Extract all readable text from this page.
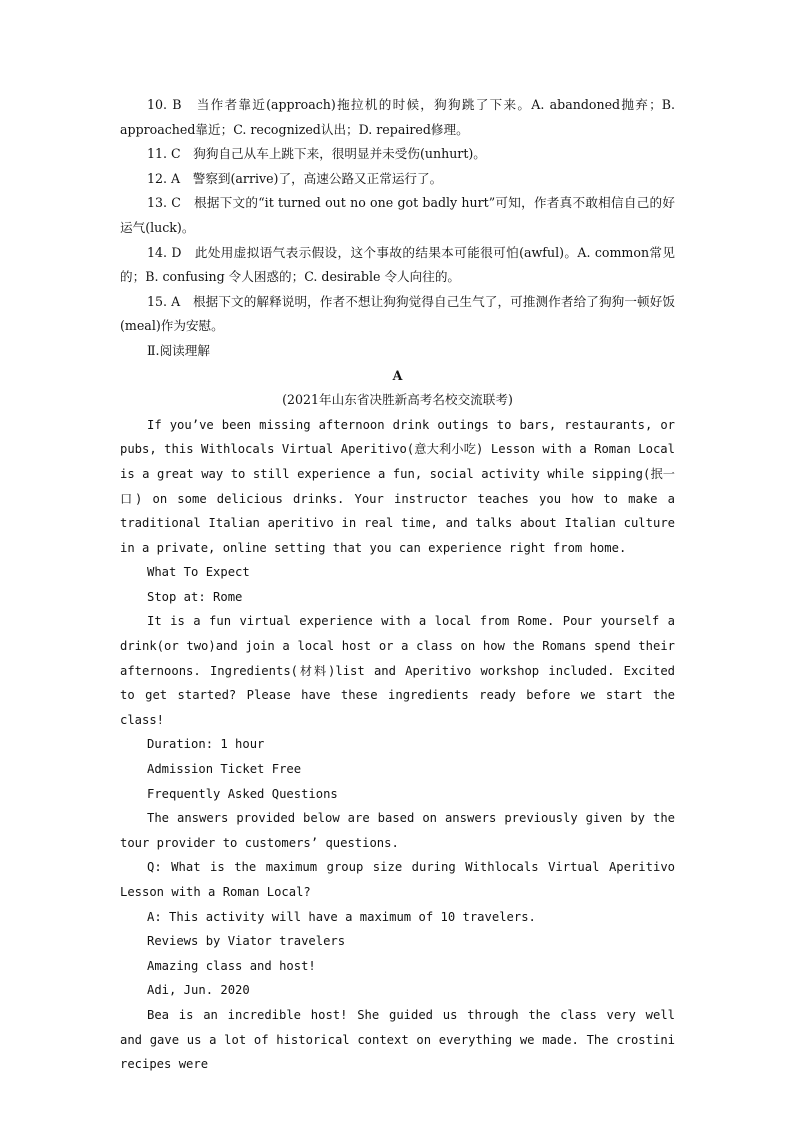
10. B　当作者靠近(approach)拖拉机的时候，狗狗跳了下来。A. abandoned抛弃；B. approached靠近；C. recognized认出；D. repaired修理。

11. C　狗狗自己从车上跳下来，很明显并未受伤(unhurt)。

12. A　警察到(arrive)了，高速公路又正常运行了。

13. C　根据下文的“it turned out no one got badly hurt”可知，作者真不敢相信自己的好运气(luck)。

14. D　此处用虚拟语气表示假设，这个事故的结果本可能很可怕(awful)。A. common常见的；B. confusing 令人困惑的；C. desirable 令人向往的。

15. A　根据下文的解释说明，作者不想让狗狗觉得自己生气了，可推测作者给了狗狗一顿好饭(meal)作为安慰。

Ⅱ.阅读理解

A

(2021年山东省决胜新高考名校交流联考)

If you’ve been missing afternoon drink outings to bars, restaurants, or pubs, this Withlocals Virtual Aperitivo(意大利小吃) Lesson with a Roman Local is a great way to still experience a fun, social activity while sipping(抿一口) on some delicious drinks. Your instructor teaches you how to make a traditional Italian aperitivo in real time, and talks about Italian culture in a private, online setting that you can experience right from home.

What To Expect

Stop at: Rome

It is a fun virtual experience with a local from Rome. Pour yourself a drink(or two)and join a local host or a class on how the Romans spend their afternoons. Ingredients(材料)list and Aperitivo workshop included. Excited to get started? Please have these ingredients ready before we start the class!

Duration: 1 hour

Admission Ticket Free

Frequently Asked Questions

The answers provided below are based on answers previously given by the tour provider to customers’ questions.

Q: What is the maximum group size during Withlocals Virtual Aperitivo Lesson with a Roman Local?

A: This activity will have a maximum of 10 travelers.

Reviews by Viator travelers

Amazing class and host!

Adi, Jun. 2020

Bea is an incredible host! She guided us through the class very well and gave us a lot of historical context on everything we made. The crostini recipes were
